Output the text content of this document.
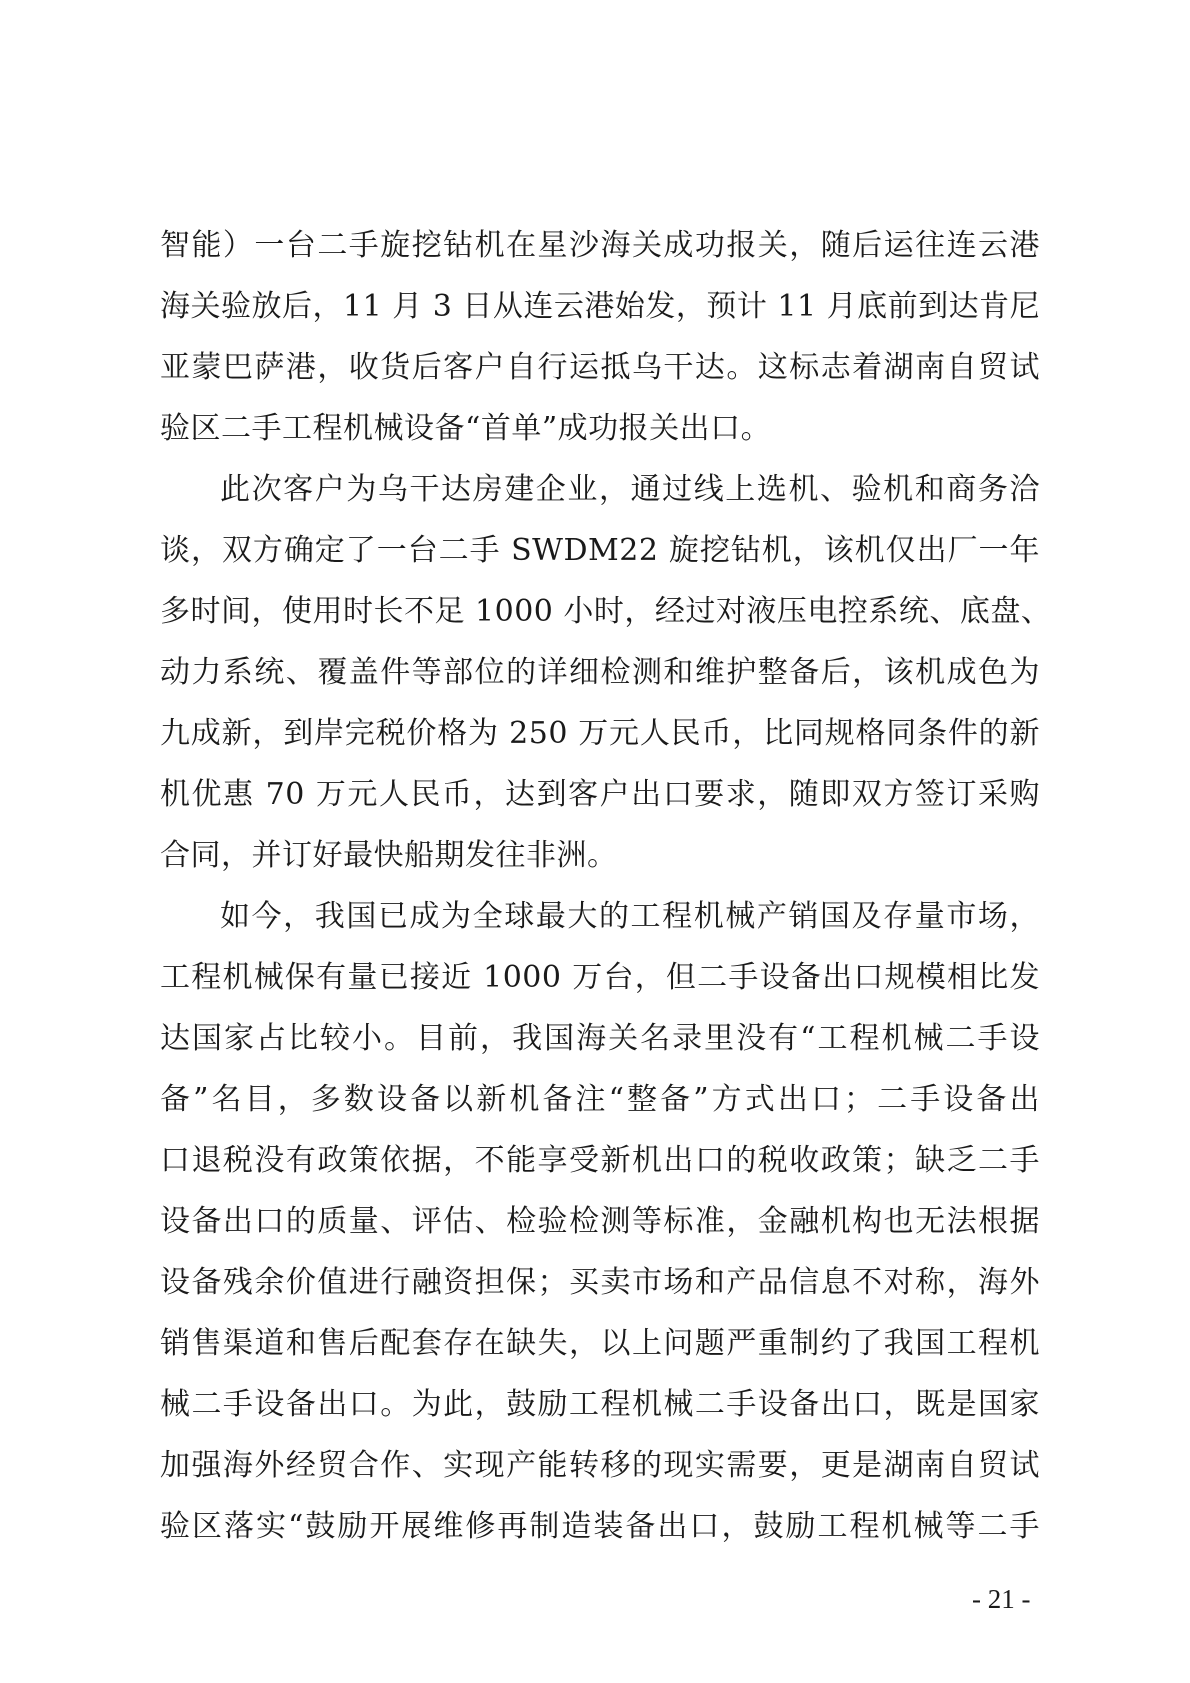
智能）一台二手旋挖钻机在星沙海关成功报关，随后运往连云港
海关验放后，11 月 3 日从连云港始发，预计 11 月底前到达肯尼
亚蒙巴萨港，收货后客户自行运抵乌干达。这标志着湖南自贸试
验区二手工程机械设备“首单”成功报关出口。
此次客户为乌干达房建企业，通过线上选机、验机和商务洽
谈，双方确定了一台二手 SWDM22 旋挖钻机，该机仅出厂一年
多时间，使用时长不足 1000 小时，经过对液压电控系统、底盘、
动力系统、覆盖件等部位的详细检测和维护整备后，该机成色为
九成新，到岸完税价格为 250 万元人民币，比同规格同条件的新
机优惠 70 万元人民币，达到客户出口要求，随即双方签订采购
合同，并订好最快船期发往非洲。
如今，我国已成为全球最大的工程机械产销国及存量市场，
工程机械保有量已接近 1000 万台，但二手设备出口规模相比发
达国家占比较小。目前，我国海关名录里没有“工程机械二手设
备”名目，多数设备以新机备注“整备”方式出口；二手设备出
口退税没有政策依据，不能享受新机出口的税收政策；缺乏二手
设备出口的质量、评估、检验检测等标准，金融机构也无法根据
设备残余价值进行融资担保；买卖市场和产品信息不对称，海外
销售渠道和售后配套存在缺失，以上问题严重制约了我国工程机
械二手设备出口。为此，鼓励工程机械二手设备出口，既是国家
加强海外经贸合作、实现产能转移的现实需要，更是湖南自贸试
验区落实“鼓励开展维修再制造装备出口，鼓励工程机械等二手
- 21 -
